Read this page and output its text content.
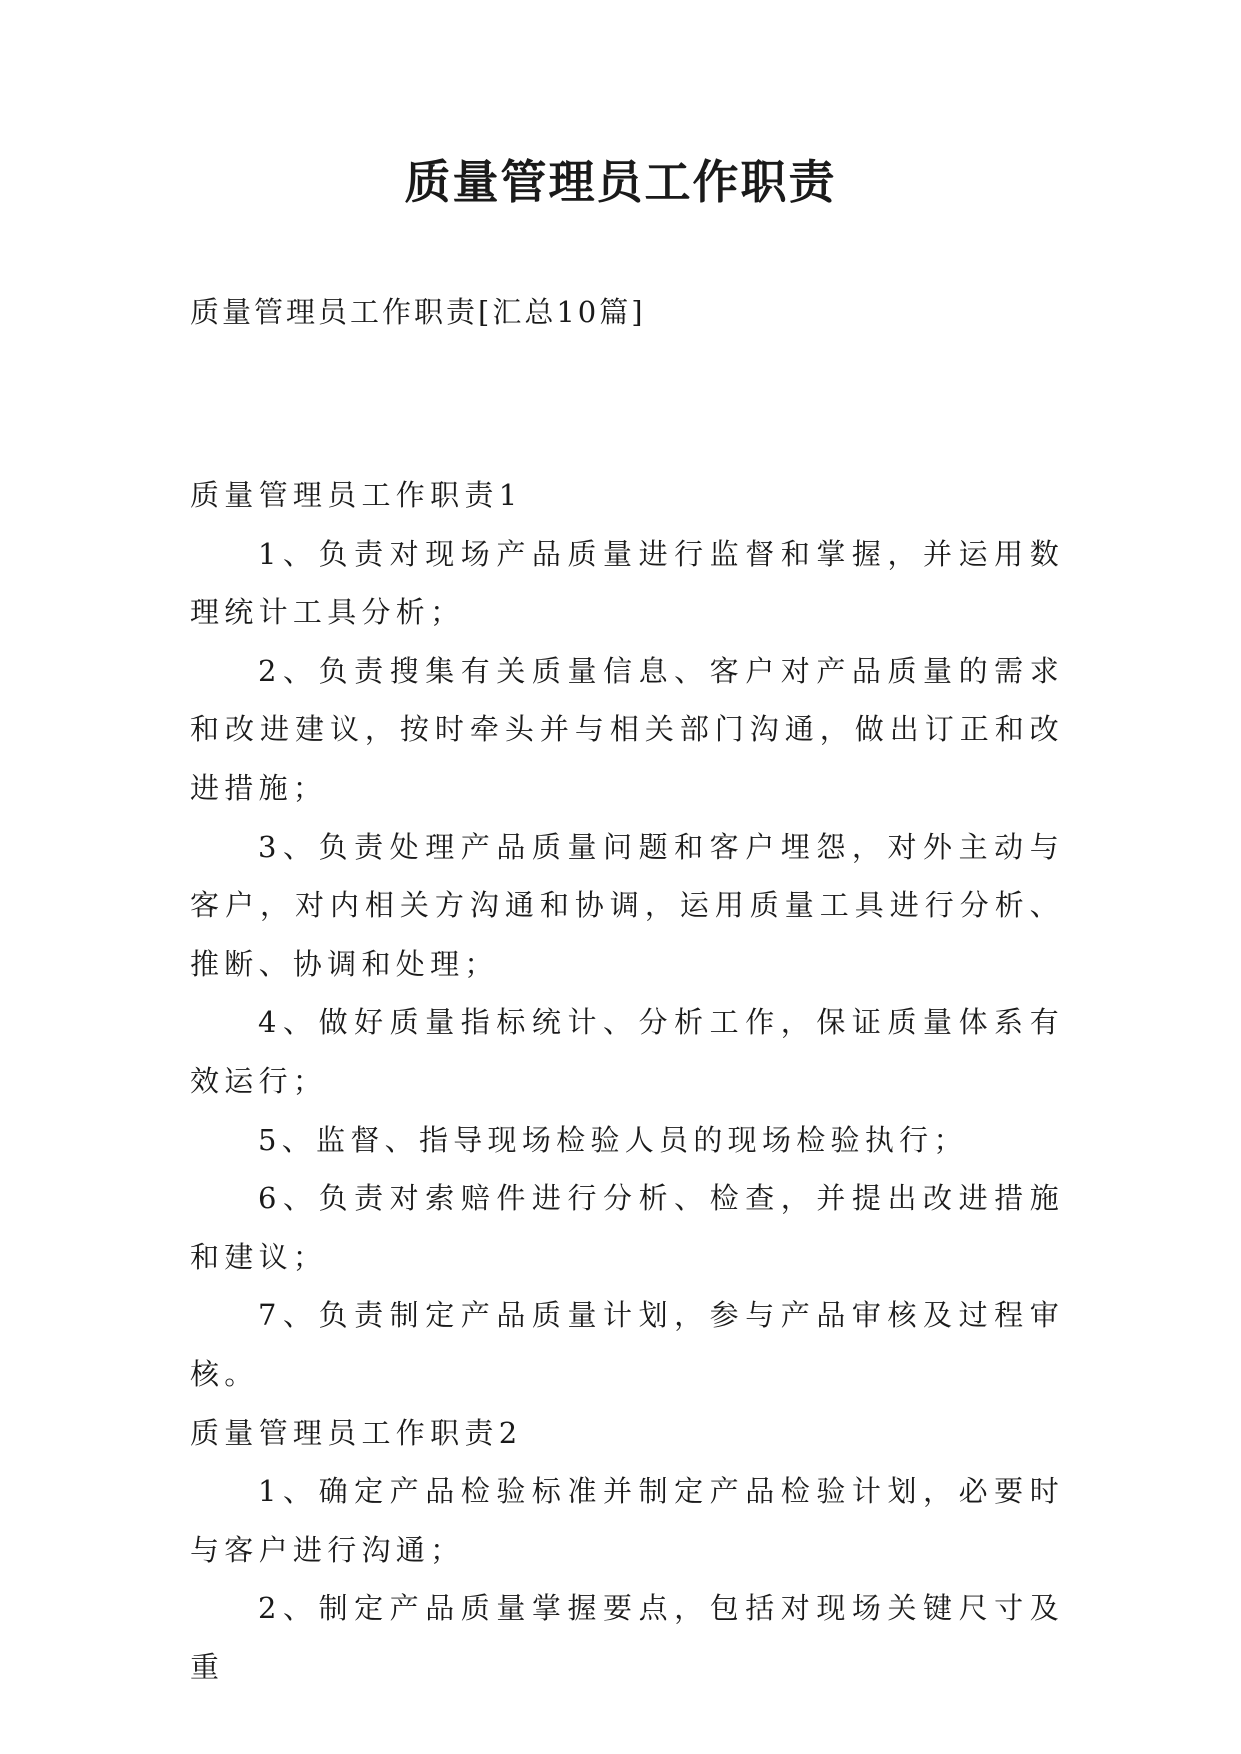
质量管理员工作职责

质量管理员工作职责[汇总10篇]

质量管理员工作职责1

1、负责对现场产品质量进行监督和掌握，并运用数理统计工具分析；

2、负责搜集有关质量信息、客户对产品质量的需求和改进建议，按时牵头并与相关部门沟通，做出订正和改进措施；

3、负责处理产品质量问题和客户埋怨，对外主动与客户，对内相关方沟通和协调，运用质量工具进行分析、推断、协调和处理；

4、做好质量指标统计、分析工作，保证质量体系有效运行；

5、监督、指导现场检验人员的现场检验执行；

6、负责对索赔件进行分析、检查，并提出改进措施和建议；

7、负责制定产品质量计划，参与产品审核及过程审核。

质量管理员工作职责2

1、确定产品检验标准并制定产品检验计划，必要时与客户进行沟通；

2、制定产品质量掌握要点，包括对现场关键尺寸及重
